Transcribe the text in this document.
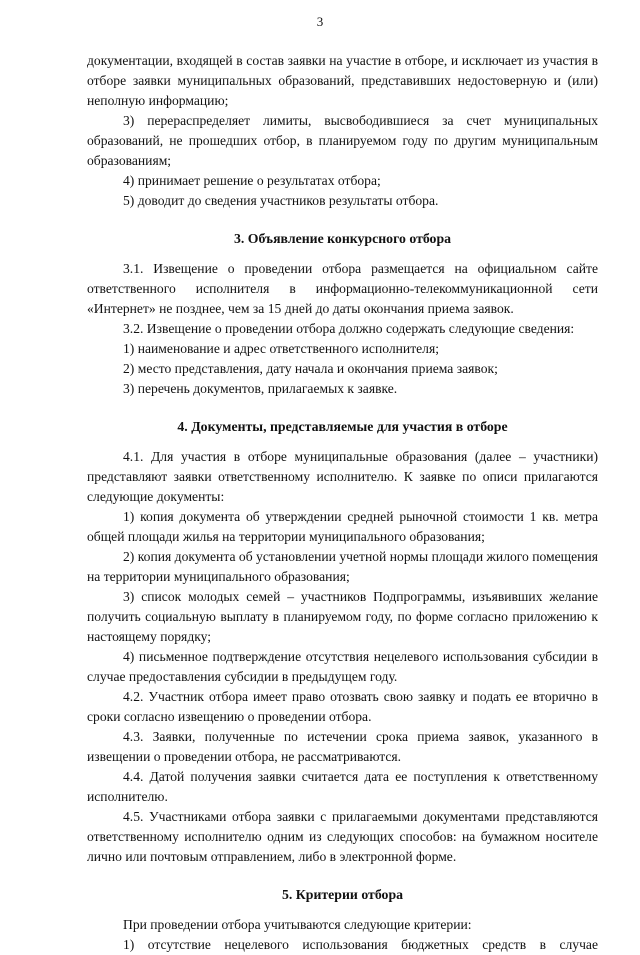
3

документации, входящей в состав заявки на участие в отборе, и исключает из участия в отборе заявки муниципальных образований, представивших недостоверную и (или) неполную информацию;

3) перераспределяет лимиты, высвободившиеся за счет муниципальных образований, не прошедших отбор, в планируемом году по другим муниципальным образованиям;

4) принимает решение о результатах отбора;

5) доводит до сведения участников результаты отбора.

3. Объявление конкурсного отбора

3.1. Извещение о проведении отбора размещается на официальном сайте ответственного исполнителя в информационно-телекоммуникационной сети «Интернет» не позднее, чем за 15 дней до даты окончания приема заявок.

3.2. Извещение о проведении отбора должно содержать следующие сведения:

1) наименование и адрес ответственного исполнителя;

2) место представления, дату начала и окончания приема заявок;

3) перечень документов, прилагаемых к заявке.

4. Документы, представляемые для участия в отборе

4.1. Для участия в отборе муниципальные образования (далее – участники) представляют заявки ответственному исполнителю. К заявке по описи прилагаются следующие документы:

1) копия документа об утверждении средней рыночной стоимости 1 кв. метра общей площади жилья на территории муниципального образования;

2) копия документа об установлении учетной нормы площади жилого помещения на территории муниципального образования;

3) список молодых семей – участников Подпрограммы, изъявивших желание получить социальную выплату в планируемом году, по форме согласно приложению к настоящему порядку;

4) письменное подтверждение отсутствия нецелевого использования субсидии в случае предоставления субсидии в предыдущем году.

4.2. Участник отбора имеет право отозвать свою заявку и подать ее вторично в сроки согласно извещению о проведении отбора.

4.3. Заявки, полученные по истечении срока приема заявок, указанного в извещении о проведении отбора, не рассматриваются.

4.4. Датой получения заявки считается дата ее поступления к ответственному исполнителю.

4.5. Участниками отбора заявки с прилагаемыми документами представляются ответственному исполнителю одним из следующих способов: на бумажном носителе лично или почтовым отправлением, либо в электронной форме.

5. Критерии отбора

При проведении отбора учитываются следующие критерии:

1) отсутствие нецелевого использования бюджетных средств в случае
